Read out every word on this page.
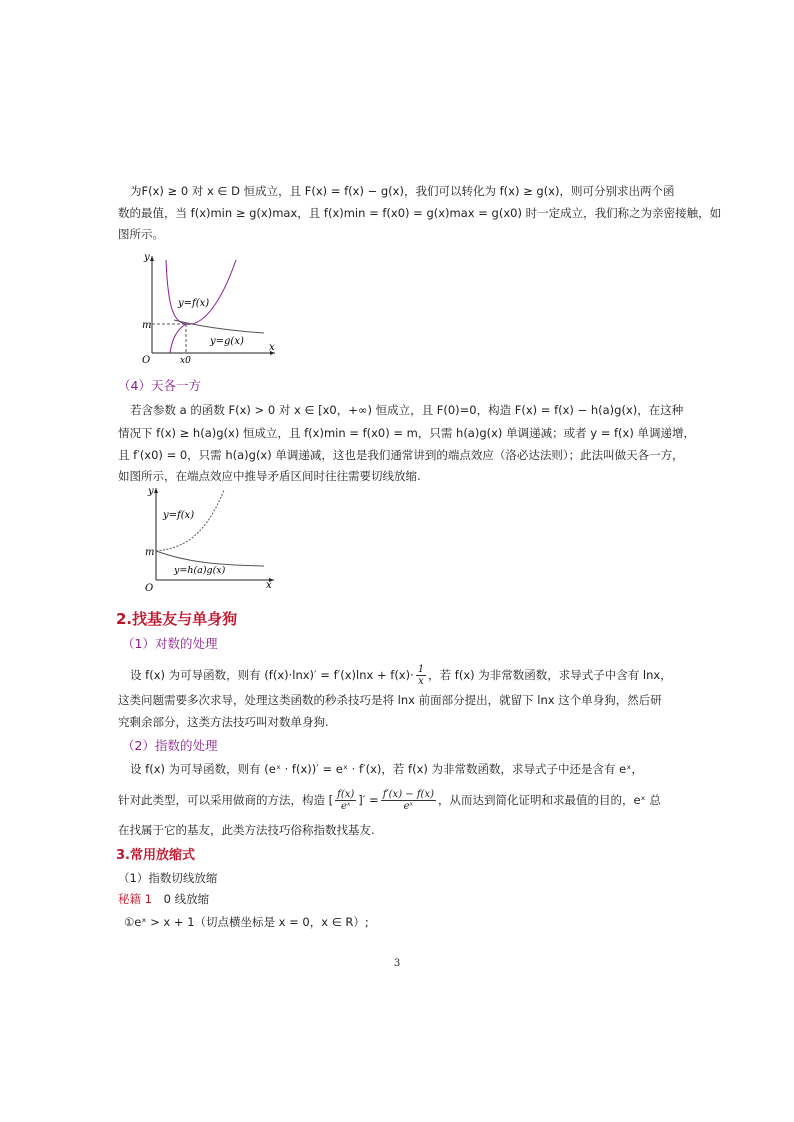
为F(x) ≥ 0 对 x ∈ D 恒成立，且 F(x) = f(x) − g(x)，我们可以转化为 f(x) ≥ g(x)，则可分别求出两个函
数的最值，当 f(x)min ≥ g(x)max，且 f(x)min = f(x0) = g(x)max = g(x0) 时一定成立，我们称之为亲密接触，如
图所示。
y
x
O
m
x0
y=f(x)
y=g(x)
（4）天各一方
若含参数 a 的函数 F(x) > 0 对 x ∈ [x0，+∞) 恒成立，且 F(0)=0，构造 F(x) = f(x) − h(a)g(x)，在这种
情况下 f(x) ≥ h(a)g(x) 恒成立，且 f(x)min = f(x0) = m，只需 h(a)g(x) 单调递减；或者 y = f(x) 单调递增，
且 f′(x0) = 0，只需 h(a)g(x) 单调递减，这也是我们通常讲到的端点效应（洛必达法则）；此法叫做天各一方，
如图所示，在端点效应中推导矛盾区间时往往需要切线放缩.
y
x
O
m
y=f(x)
y=h(a)g(x)
2.找基友与单身狗
（1）对数的处理
设 f(x) 为可导函数，则有 $(f(x)\cdot\ln x)' = f'(x)\ln x + f(x)\cdot \frac{1}{x}$ ，若 f(x) 为非常数函数，求导式子中含有 lnx，
这类问题需要多次求导，处理这类函数的秒杀技巧是将 lnx 前面部分提出，就留下 lnx 这个单身狗，然后研
究剩余部分，这类方法技巧叫对数单身狗.
（2）指数的处理
设 f(x) 为可导函数，则有 (eˣ · f(x))′ = eˣ · f′(x)，若 f(x) 为非常数函数，求导式子中还是含有 eˣ，
针对此类型，可以采用做商的方法，构造 [ $\frac{f(x)}{\text{eˣ}}$ ]′ = $\frac{f'(x) - f(x)}{\text{eˣ}}$ ，从而达到简化证明和求最值的目的，eˣ 总
在找属于它的基友，此类方法技巧俗称指数找基友.
3.常用放缩式
（1）指数切线放缩
秘籍 1 0 线放缩
①eˣ > x + 1（切点横坐标是 x = 0，x ∈ R）;
3
